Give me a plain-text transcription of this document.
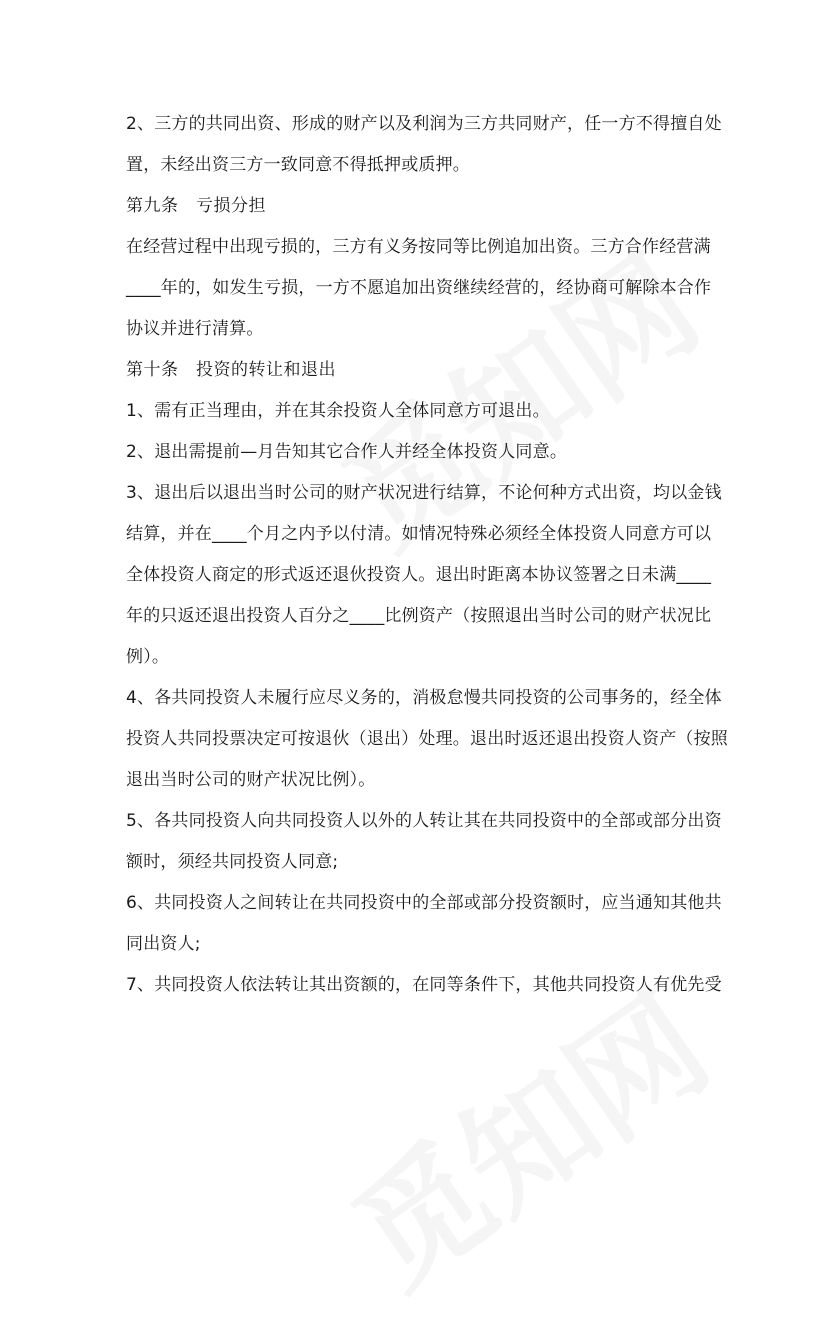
2、三方的共同出资、形成的财产以及利润为三方共同财产，任一方不得擅自处
置，未经出资三方一致同意不得抵押或质押。
第九条　亏损分担
在经营过程中出现亏损的，三方有义务按同等比例追加出资。三方合作经营满
____年的，如发生亏损，一方不愿追加出资继续经营的，经协商可解除本合作
协议并进行清算。
第十条　投资的转让和退出
1、需有正当理由，并在其余投资人全体同意方可退出。
2、退出需提前—月告知其它合作人并经全体投资人同意。
3、退出后以退出当时公司的财产状况进行结算，不论何种方式出资，均以金钱
结算，并在____个月之内予以付清。如情况特殊必须经全体投资人同意方可以
全体投资人商定的形式返还退伙投资人。退出时距离本协议签署之日未满____
年的只返还退出投资人百分之____比例资产（按照退出当时公司的财产状况比
例）。
4、各共同投资人未履行应尽义务的，消极怠慢共同投资的公司事务的，经全体
投资人共同投票决定可按退伙（退出）处理。退出时返还退出投资人资产（按照
退出当时公司的财产状况比例）。
5、各共同投资人向共同投资人以外的人转让其在共同投资中的全部或部分出资
额时，须经共同投资人同意;
6、共同投资人之间转让在共同投资中的全部或部分投资额时，应当通知其他共
同出资人;
7、共同投资人依法转让其出资额的，在同等条件下，其他共同投资人有优先受
